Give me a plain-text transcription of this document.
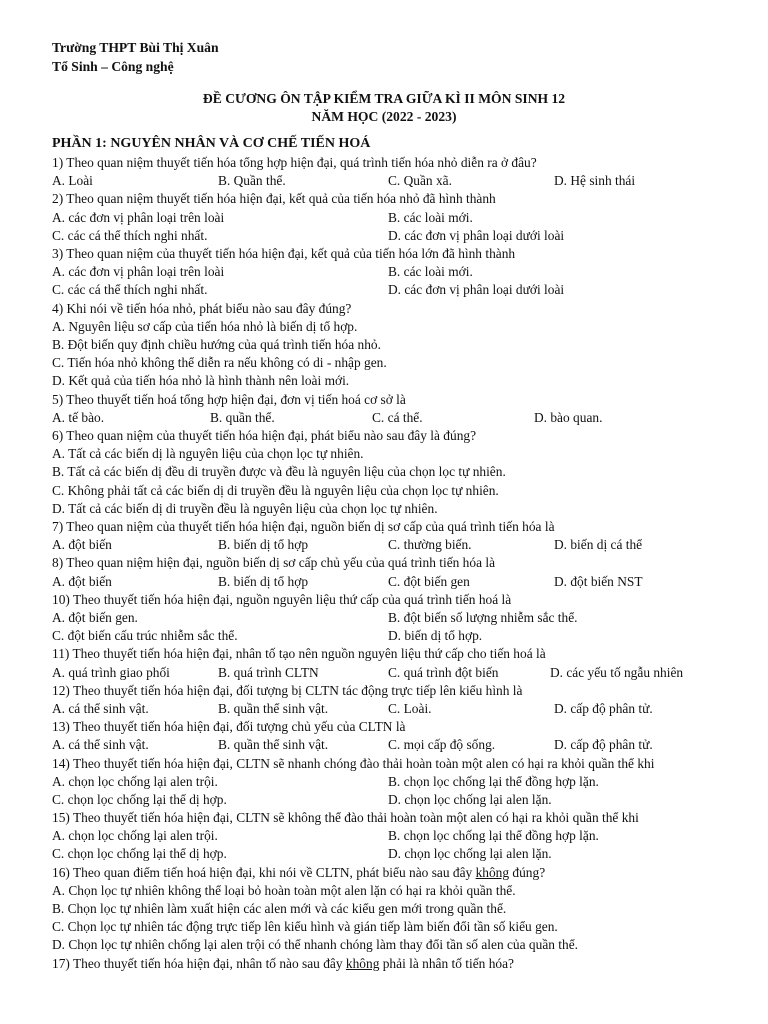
Trường THPT Bùi Thị Xuân
Tổ Sinh – Công nghệ
ĐỀ CƯƠNG ÔN TẬP KIỂM TRA GIỮA KÌ II MÔN SINH 12
NĂM HỌC (2022 - 2023)
PHẦN 1: NGUYÊN NHÂN VÀ CƠ CHẾ TIẾN HOÁ
1) Theo quan niệm thuyết tiến hóa tổng hợp hiện đại, quá trình tiến hóa nhỏ diễn ra ở đâu?
A. Loài	B. Quần thể.	C. Quần xã.	D. Hệ sinh thái
2) Theo quan niệm thuyết tiến hóa hiện đại, kết quả của tiến hóa nhỏ đã hình thành
A. các đơn vị phân loại trên loài	B. các loài mới.
C. các cá thể thích nghi nhất.	D. các đơn vị phân loại dưới loài
3) Theo quan niệm của thuyết tiến hóa hiện đại, kết quả của tiến hóa lớn đã hình thành
A. các đơn vị phân loại trên loài	B. các loài mới.
C. các cá thể thích nghi nhất.	D. các đơn vị phân loại dưới loài
4) Khi nói về tiến hóa nhỏ, phát biểu nào sau đây đúng?
A. Nguyên liệu sơ cấp của tiến hóa nhỏ là biến dị tổ hợp.
B. Đột biến quy định chiều hướng của quá trình tiến hóa nhỏ.
C. Tiến hóa nhỏ không thể diễn ra nếu không có di - nhập gen.
D. Kết quả của tiến hóa nhỏ là hình thành nên loài mới.
5) Theo thuyết tiến hoá tổng hợp hiện đại, đơn vị tiến hoá cơ sở là
A. tế bào.	B. quần thể.	C. cá thể.	D. bào quan.
6) Theo quan niệm của thuyết tiến hóa hiện đại, phát biểu nào sau đây là đúng?
A. Tất cả các biến dị là nguyên liệu của chọn lọc tự nhiên.
B. Tất cả các biến dị đều di truyền được và đều là nguyên liệu của chọn lọc tự nhiên.
C. Không phải tất cả các biến dị di truyền đều là nguyên liệu của chọn lọc tự nhiên.
D. Tất cả các biến dị di truyền đều là nguyên liệu của chọn lọc tự nhiên.
7) Theo quan niệm của thuyết tiến hóa hiện đại, nguồn biến dị sơ cấp của quá trình tiến hóa là
A. đột biến	B. biến dị tổ hợp	C. thường biến.	D. biến dị cá thể
8) Theo quan niệm hiện đại, nguồn biến dị sơ cấp chủ yếu của quá trình tiến hóa là
A. đột biến	B. biến dị tổ hợp	C. đột biến gen	D. đột biến NST
10) Theo thuyết tiến hóa hiện đại, nguồn nguyên liệu thứ cấp của quá trình tiến hoá là
A. đột biến gen.	B. đột biến số lượng nhiễm sắc thể.
C. đột biến cấu trúc nhiễm sắc thể.	D. biến dị tổ hợp.
11) Theo thuyết tiến hóa hiện đại, nhân tố tạo nên nguồn nguyên liệu thứ cấp cho tiến hoá là
A. quá trình giao phối	B. quá trình CLTN	C. quá trình đột biến	D. các yếu tố ngẫu nhiên
12) Theo thuyết tiến hóa hiện đại, đối tượng bị CLTN tác động trực tiếp lên kiểu hình là
A. cá thể sinh vật.	B. quần thể sinh vật.	C. Loài.	D. cấp độ phân tử.
13) Theo thuyết tiến hóa hiện đại, đối tượng chủ yếu của CLTN là
A. cá thể sinh vật.	B. quần thể sinh vật.	C. mọi cấp độ sống.	D. cấp độ phân tử.
14) Theo thuyết tiến hóa hiện đại, CLTN sẽ nhanh chóng đào thải hoàn toàn một alen có hại ra khỏi quần thể khi
A. chọn lọc chống lại alen trội.	B. chọn lọc chống lại thể đồng hợp lặn.
C. chọn lọc chống lại thể dị hợp.	D. chọn lọc chống lại alen lặn.
15) Theo thuyết tiến hóa hiện đại, CLTN sẽ không thể đào thải hoàn toàn một alen có hại ra khỏi quần thể khi
A. chọn lọc chống lại alen trội.	B. chọn lọc chống lại thể đồng hợp lặn.
C. chọn lọc chống lại thể dị hợp.	D. chọn lọc chống lại alen lặn.
16) Theo quan điểm tiến hoá hiện đại, khi nói về CLTN, phát biểu nào sau đây không đúng?
A. Chọn lọc tự nhiên không thể loại bỏ hoàn toàn một alen lặn có hại ra khỏi quần thể.
B. Chọn lọc tự nhiên làm xuất hiện các alen mới và các kiểu gen mới trong quần thể.
C. Chọn lọc tự nhiên tác động trực tiếp lên kiểu hình và gián tiếp làm biến đổi tần số kiểu gen.
D. Chọn lọc tự nhiên chống lại alen trội có thể nhanh chóng làm thay đổi tần số alen của quần thể.
17) Theo thuyết tiến hóa hiện đại, nhân tố nào sau đây không phải là nhân tố tiến hóa?
